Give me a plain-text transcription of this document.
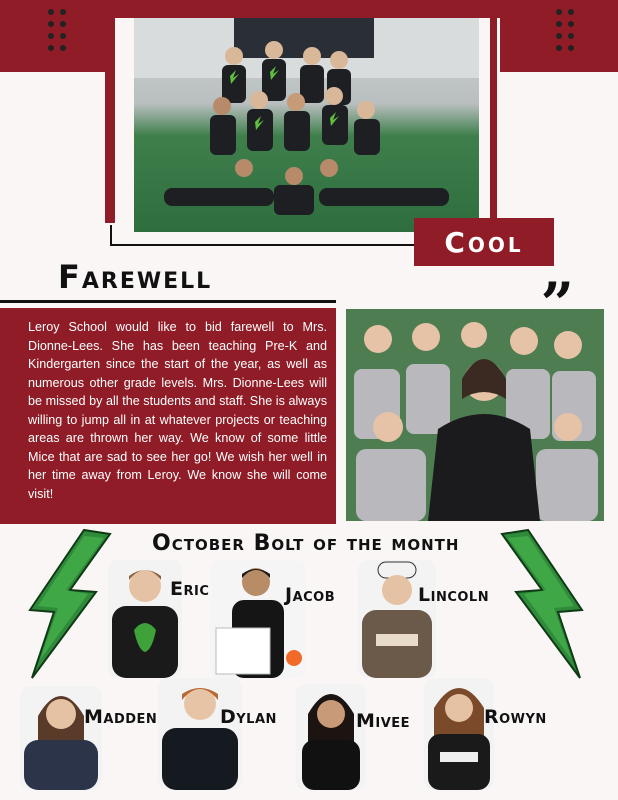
Cool “
Farewell

Leroy School would like to bid farewell to Mrs. Dionne-Lees. She has been teaching Pre-K and Kindergarten since the start of the year, as well as numerous other grade levels. Mrs. Dionne-Lees will be missed by all the students and staff. She is always willing to jump all in at whatever projects or teaching areas are thrown her way. We know of some little Mice that are sad to see her go! We wish her well in her time away from Leroy. We know she will come visit!

October Bolt of the month
Eric	Jacob	Lincoln
Madden	Dylan	Mivee	Rowyn
